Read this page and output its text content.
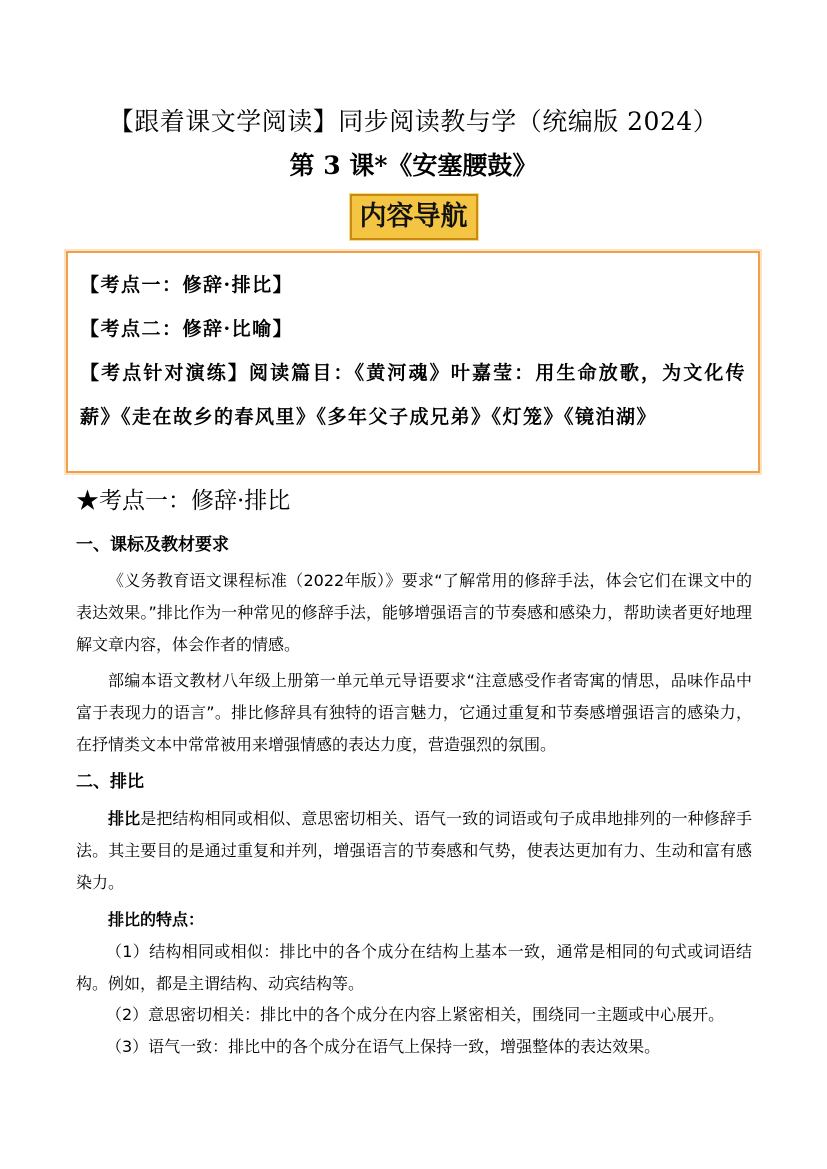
【跟着课文学阅读】同步阅读教与学（统编版 2024）
第 3 课*《安塞腰鼓》
内容导航
【考点一：修辞·排比】
【考点二：修辞·比喻】
【考点针对演练】阅读篇目：《黄河魂》叶嘉莹：用生命放歌，为文化传薪》《走在故乡的春风里》《多年父子成兄弟》《灯笼》《镜泊湖》
★考点一：修辞·排比
一、课标及教材要求
《义务教育语文课程标准（2022年版）》要求“了解常用的修辞手法，体会它们在课文中的表达效果。”排比作为一种常见的修辞手法，能够增强语言的节奏感和感染力，帮助读者更好地理解文章内容，体会作者的情感。
部编本语文教材八年级上册第一单元单元导语要求“注意感受作者寄寓的情思，品味作品中富于表现力的语言”。排比修辞具有独特的语言魅力，它通过重复和节奏感增强语言的感染力，在抒情类文本中常常被用来增强情感的表达力度，营造强烈的氛围。
二、排比
排比是把结构相同或相似、意思密切相关、语气一致的词语或句子成串地排列的一种修辞手法。其主要目的是通过重复和并列，增强语言的节奏感和气势，使表达更加有力、生动和富有感染力。
排比的特点：
（1）结构相同或相似：排比中的各个成分在结构上基本一致，通常是相同的句式或词语结构。例如，都是主谓结构、动宾结构等。
（2）意思密切相关：排比中的各个成分在内容上紧密相关，围绕同一主题或中心展开。
（3）语气一致：排比中的各个成分在语气上保持一致，增强整体的表达效果。
